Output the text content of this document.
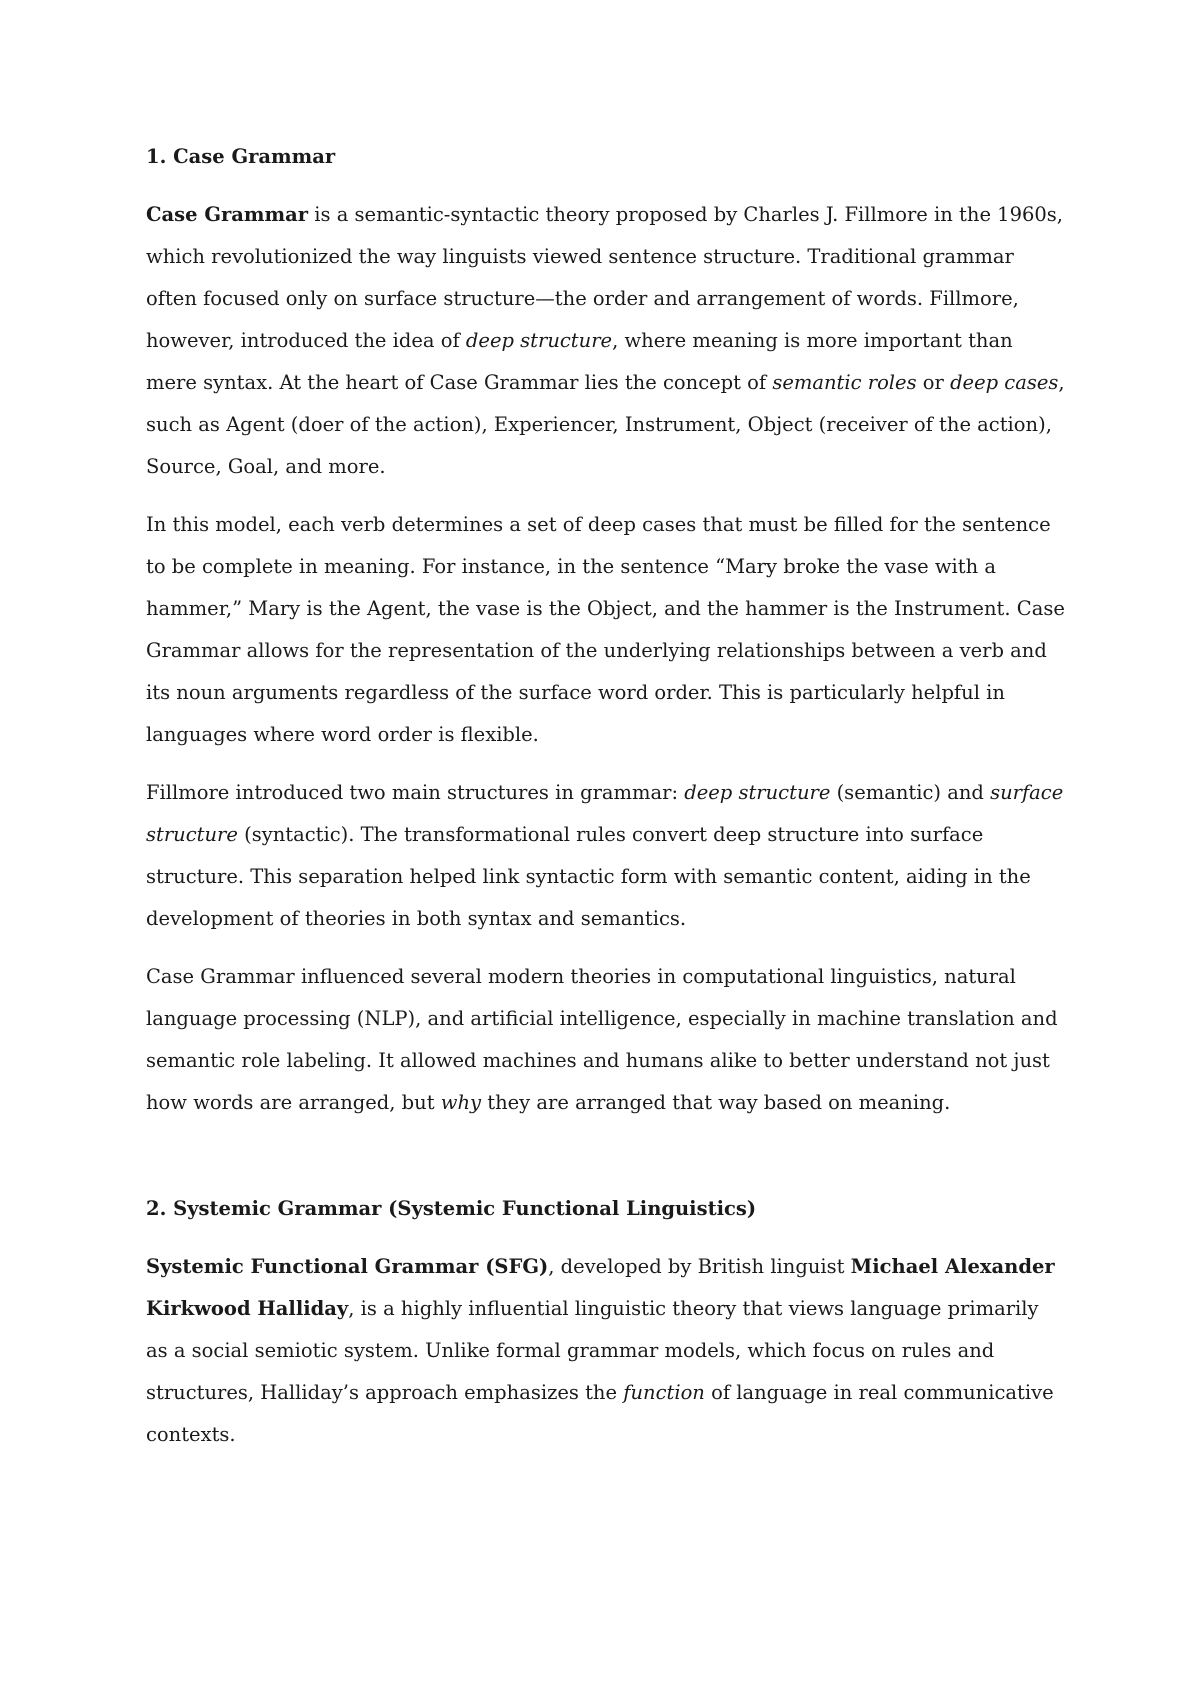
1. Case Grammar

Case Grammar is a semantic-syntactic theory proposed by Charles J. Fillmore in the 1960s, which revolutionized the way linguists viewed sentence structure. Traditional grammar often focused only on surface structure—the order and arrangement of words. Fillmore, however, introduced the idea of deep structure, where meaning is more important than mere syntax. At the heart of Case Grammar lies the concept of semantic roles or deep cases, such as Agent (doer of the action), Experiencer, Instrument, Object (receiver of the action), Source, Goal, and more.

In this model, each verb determines a set of deep cases that must be filled for the sentence to be complete in meaning. For instance, in the sentence “Mary broke the vase with a hammer,” Mary is the Agent, the vase is the Object, and the hammer is the Instrument. Case Grammar allows for the representation of the underlying relationships between a verb and its noun arguments regardless of the surface word order. This is particularly helpful in languages where word order is flexible.

Fillmore introduced two main structures in grammar: deep structure (semantic) and surface structure (syntactic). The transformational rules convert deep structure into surface structure. This separation helped link syntactic form with semantic content, aiding in the development of theories in both syntax and semantics.

Case Grammar influenced several modern theories in computational linguistics, natural language processing (NLP), and artificial intelligence, especially in machine translation and semantic role labeling. It allowed machines and humans alike to better understand not just how words are arranged, but why they are arranged that way based on meaning.

2. Systemic Grammar (Systemic Functional Linguistics)

Systemic Functional Grammar (SFG), developed by British linguist Michael Alexander Kirkwood Halliday, is a highly influential linguistic theory that views language primarily as a social semiotic system. Unlike formal grammar models, which focus on rules and structures, Halliday’s approach emphasizes the function of language in real communicative contexts.
